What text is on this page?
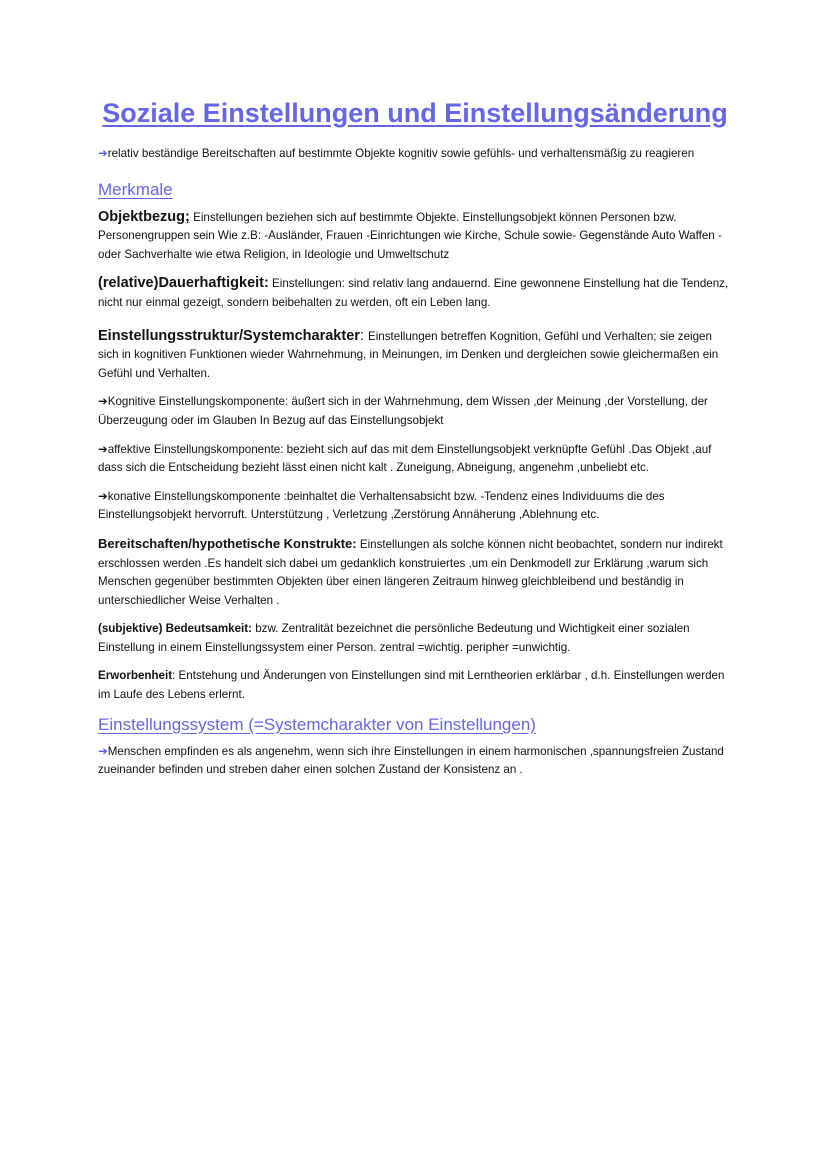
Soziale Einstellungen und Einstellungsänderung

➔relativ beständige Bereitschaften auf bestimmte Objekte kognitiv sowie gefühls- und verhaltensmäßig zu reagieren

Merkmale

Objektbezug; Einstellungen beziehen sich auf bestimmte Objekte. Einstellungsobjekt können Personen bzw. Personengruppen sein Wie z.B: -Ausländer, Frauen -Einrichtungen wie Kirche, Schule sowie- Gegenstände Auto Waffen -oder Sachverhalte wie etwa Religion, in Ideologie und Umweltschutz

(relative)Dauerhaftigkeit: Einstellungen: sind relativ lang andauernd. Eine gewonnene Einstellung hat die Tendenz, nicht nur einmal gezeigt, sondern beibehalten zu werden, oft ein Leben lang.

Einstellungsstruktur/Systemcharakter: Einstellungen betreffen Kognition, Gefühl und Verhalten; sie zeigen sich in kognitiven Funktionen wieder Wahrnehmung, in Meinungen, im Denken und dergleichen sowie gleichermaßen ein Gefühl und Verhalten.

➔Kognitive Einstellungskomponente: äußert sich in der Wahrnehmung, dem Wissen ,der Meinung ,der Vorstellung, der Überzeugung oder im Glauben In Bezug auf das Einstellungsobjekt

➔affektive Einstellungskomponente: bezieht sich auf das mit dem Einstellungsobjekt verknüpfte Gefühl .Das Objekt ,auf dass sich die Entscheidung bezieht lässt einen nicht kalt . Zuneigung, Abneigung, angenehm ,unbeliebt etc.

➔konative Einstellungskomponente :beinhaltet die Verhaltensabsicht bzw. -Tendenz eines Individuums die des Einstellungsobjekt hervorruft. Unterstützung , Verletzung ,Zerstörung Annäherung ,Ablehnung etc.

Bereitschaften/hypothetische Konstrukte: Einstellungen als solche können nicht beobachtet, sondern nur indirekt erschlossen werden .Es handelt sich dabei um gedanklich konstruiertes ,um ein Denkmodell zur Erklärung ,warum sich Menschen gegenüber bestimmten Objekten über einen längeren Zeitraum hinweg gleichbleibend und beständig in unterschiedlicher Weise Verhalten .

(subjektive) Bedeutsamkeit: bzw. Zentralität bezeichnet die persönliche Bedeutung und Wichtigkeit einer sozialen Einstellung in einem Einstellungssystem einer Person. zentral =wichtig. peripher =unwichtig.

Erworbenheit: Entstehung und Änderungen von Einstellungen sind mit Lerntheorien erklärbar , d.h. Einstellungen werden im Laufe des Lebens erlernt.

Einstellungssystem (=Systemcharakter von Einstellungen)

➔Menschen empfinden es als angenehm, wenn sich ihre Einstellungen in einem harmonischen ,spannungsfreien Zustand zueinander befinden und streben daher einen solchen Zustand der Konsistenz an .
